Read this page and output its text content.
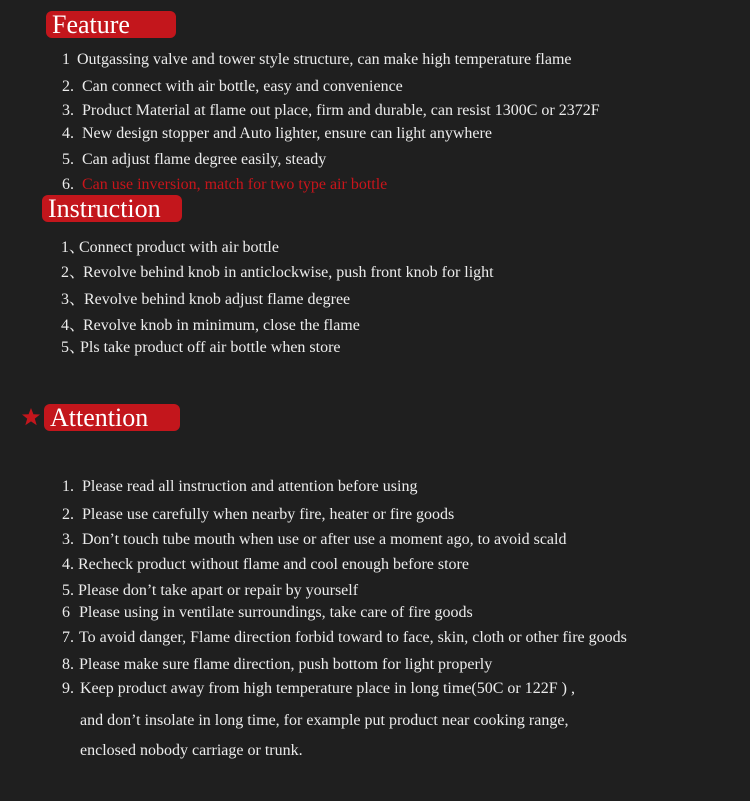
Feature
Instruction
Attention
1 Outgassing valve and tower style structure, can make high temperature flame
2. Can connect with air bottle, easy and convenience
3. Product Material at flame out place, firm and durable, can resist 1300C or 2372F
4. New design stopper and Auto lighter, ensure can light anywhere
5. Can adjust flame degree easily, steady
6. Can use inversion, match for two type air bottle
1、Connect product with air bottle
2、Revolve behind knob in anticlockwise, push front knob for light
3、Revolve behind knob adjust flame degree
4、Revolve knob in minimum, close the flame
5、Pls take product off air bottle when store
1. Please read all instruction and attention before using
2. Please use carefully when nearby fire, heater or fire goods
3. Don’t touch tube mouth when use or after use a moment ago, to avoid scald
4. Recheck product without flame and cool enough before store
5. Please don’t take apart or repair by yourself
6 Please using in ventilate surroundings, take care of fire goods
7. To avoid danger, Flame direction forbid toward to face, skin, cloth or other fire goods
8. Please make sure flame direction, push bottom for light properly
9. Keep product away from high temperature place in long time(50C or 122F ) ,
and don’t insolate in long time, for example put product near cooking range,
enclosed nobody carriage or trunk.
